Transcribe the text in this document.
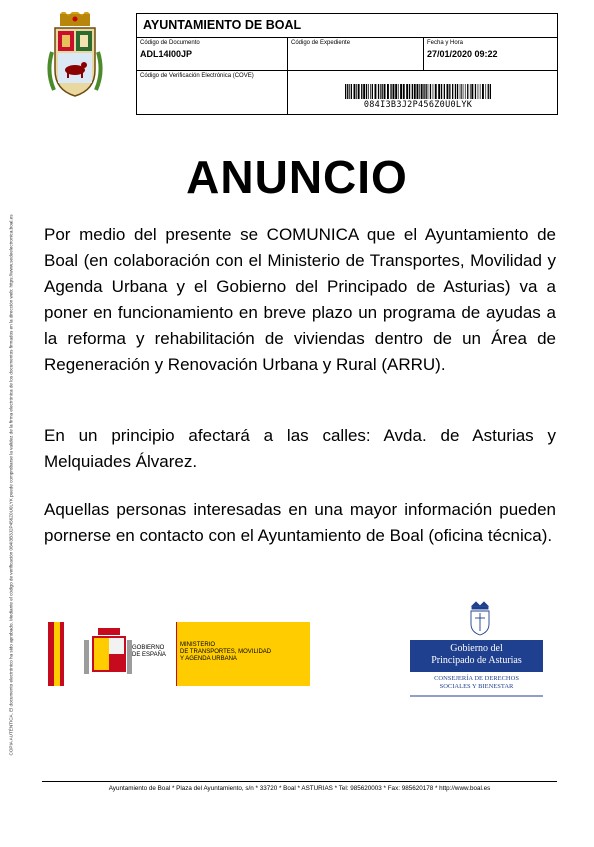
COPIA AUTÉNTICA. El documento electrónico ha sido aprobado. Mediante el código de verificación 084I3B3J2P456Z0U0LYK puede comprobarse la validez de la firma electrónica de los documentos firmados en la dirección web: https://www.sedeelectronica.boal.es
AYUNTAMIENTO DE BOAL
Código de Documento
ADL14I00JP
Código de Expediente	Fecha y Hora
27/01/2020 09:22
Código de Verificación Electrónica (COVE)
084I3B3J2P456Z0U0LYK
ANUNCIO

Por medio del presente se COMUNICA que el Ayuntamiento de Boal (en colaboración con el Ministerio de Transportes, Movilidad y Agenda Urbana y el Gobierno del Principado de Asturias) va a poner en funcionamiento en breve plazo un programa de ayudas a la reforma y rehabilitación de viviendas dentro de un Área de Regeneración y Renovación Urbana y Rural (ARRU).

En un principio afectará a las calles: Avda. de Asturias y Melquiades Álvarez.

Aquellas personas interesadas en una mayor información pueden pornerse en contacto con el Ayuntamiento de Boal (oficina técnica).

GOBIERNO
DE ESPAÑA
MINISTERIO
DE TRANSPORTES, MOVILIDAD
Y AGENDA URBANA
Gobierno del
Principado de Asturias
CONSEJERÍA DE DERECHOS
SOCIALES Y BIENESTAR
Ayuntamiento de Boal * Plaza del Ayuntamiento, s/n * 33720 * Boal * ASTURIAS * Tel: 985620003 * Fax: 985620178 * http://www.boal.es
